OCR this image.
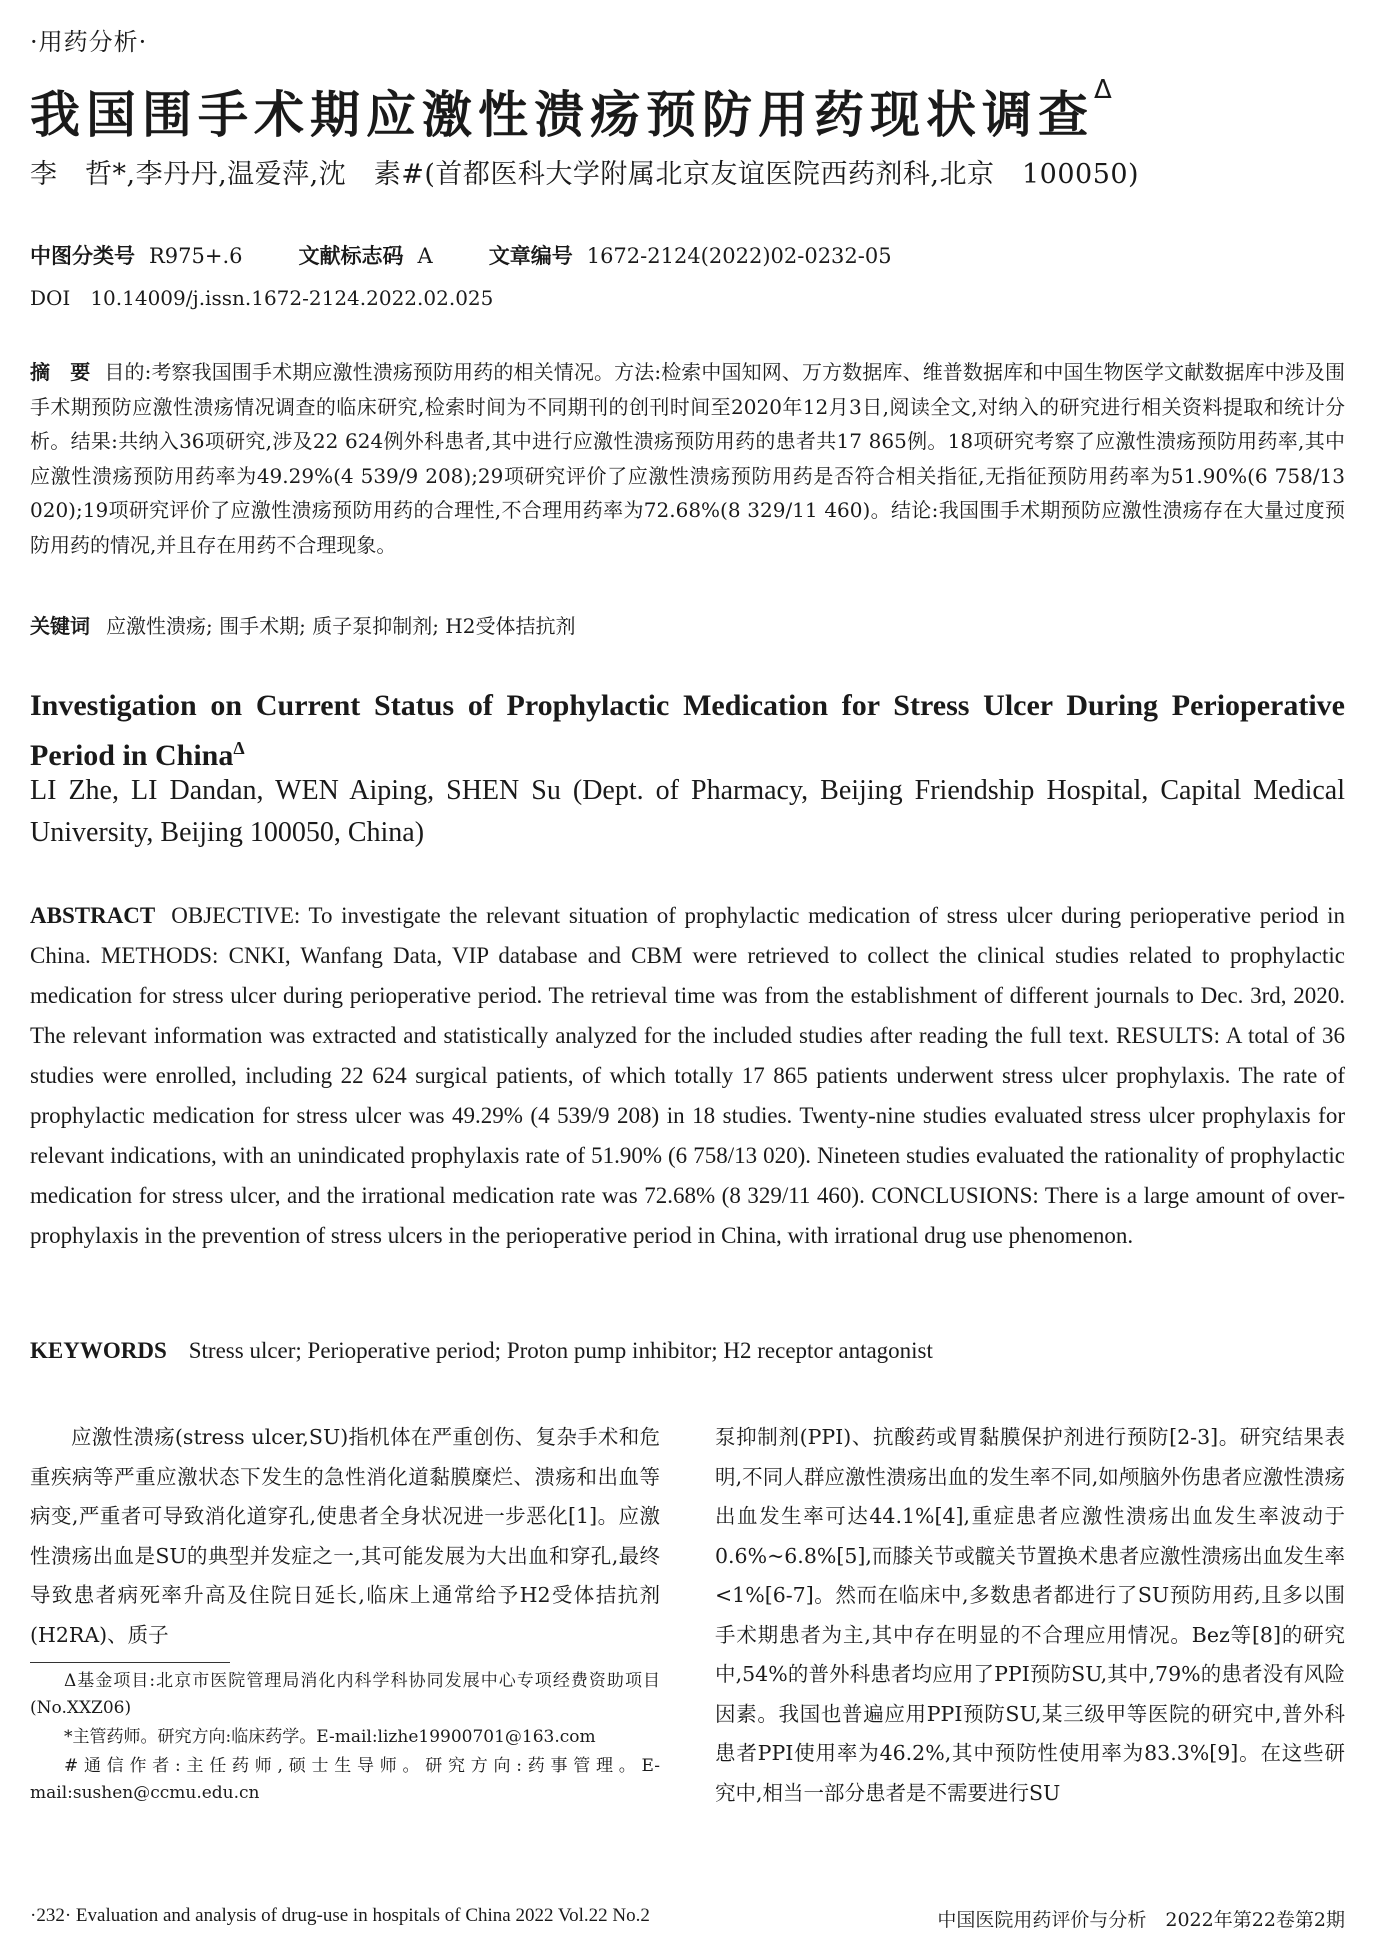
·用药分析·
我国围手术期应激性溃疡预防用药现状调查$^\Delta$
李　哲*,李丹丹,温爱萍,沈　素#(首都医科大学附属北京友谊医院西药剂科,北京　100050)
中图分类号 R975+.6	文献标志码 A	文章编号 1672-2124(2022)02-0232-05
DOI　10.14009/j.issn.1672-2124.2022.02.025
摘　要 目的:考察我国围手术期应激性溃疡预防用药的相关情况。方法:检索中国知网、万方数据库、维普数据库和中国生物医学文献数据库中涉及围手术期预防应激性溃疡情况调查的临床研究,检索时间为不同期刊的创刊时间至2020年12月3日,阅读全文,对纳入的研究进行相关资料提取和统计分析。结果:共纳入36项研究,涉及22 624例外科患者,其中进行应激性溃疡预防用药的患者共17 865例。18项研究考察了应激性溃疡预防用药率,其中应激性溃疡预防用药率为49.29%(4 539/9 208);29项研究评价了应激性溃疡预防用药是否符合相关指征,无指征预防用药率为51.90%(6 758/13 020);19项研究评价了应激性溃疡预防用药的合理性,不合理用药率为72.68%(8 329/11 460)。结论:我国围手术期预防应激性溃疡存在大量过度预防用药的情况,并且存在用药不合理现象。
关键词 应激性溃疡; 围手术期; 质子泵抑制剂; H2受体拮抗剂
Investigation on Current Status of Prophylactic Medication for Stress Ulcer During Perioperative Period in China$^\Delta$
LI Zhe, LI Dandan, WEN Aiping, SHEN Su (Dept. of Pharmacy, Beijing Friendship Hospital, Capital Medical University, Beijing 100050, China)
ABSTRACT OBJECTIVE: To investigate the relevant situation of prophylactic medication of stress ulcer during perioperative period in China. METHODS: CNKI, Wanfang Data, VIP database and CBM were retrieved to collect the clinical studies related to prophylactic medication for stress ulcer during perioperative period. The retrieval time was from the establishment of different journals to Dec. 3rd, 2020. The relevant information was extracted and statistically analyzed for the included studies after reading the full text. RESULTS: A total of 36 studies were enrolled, including 22 624 surgical patients, of which totally 17 865 patients underwent stress ulcer prophylaxis. The rate of prophylactic medication for stress ulcer was 49.29% (4 539/9 208) in 18 studies. Twenty-nine studies evaluated stress ulcer prophylaxis for relevant indications, with an unindicated prophylaxis rate of 51.90% (6 758/13 020). Nineteen studies evaluated the rationality of prophylactic medication for stress ulcer, and the irrational medication rate was 72.68% (8 329/11 460). CONCLUSIONS: There is a large amount of over-prophylaxis in the prevention of stress ulcers in the perioperative period in China, with irrational drug use phenomenon.
KEYWORDS Stress ulcer; Perioperative period; Proton pump inhibitor; H2 receptor antagonist
应激性溃疡(stress ulcer,SU)指机体在严重创伤、复杂手术和危重疾病等严重应激状态下发生的急性消化道黏膜糜烂、溃疡和出血等病变,严重者可导致消化道穿孔,使患者全身状况进一步恶化[1]。应激性溃疡出血是SU的典型并发症之一,其可能发展为大出血和穿孔,最终导致患者病死率升高及住院日延长,临床上通常给予H2受体拮抗剂(H2RA)、质子
泵抑制剂(PPI)、抗酸药或胃黏膜保护剂进行预防[2-3]。研究结果表明,不同人群应激性溃疡出血的发生率不同,如颅脑外伤患者应激性溃疡出血发生率可达44.1%[4],重症患者应激性溃疡出血发生率波动于0.6%~6.8%[5],而膝关节或髋关节置换术患者应激性溃疡出血发生率<1%[6-7]。然而在临床中,多数患者都进行了SU预防用药,且多以围手术期患者为主,其中存在明显的不合理应用情况。Bez等[8]的研究中,54%的普外科患者均应用了PPI预防SU,其中,79%的患者没有风险因素。我国也普遍应用PPI预防SU,某三级甲等医院的研究中,普外科患者PPI使用率为46.2%,其中预防性使用率为83.3%[9]。在这些研究中,相当一部分患者是不需要进行SU

Δ基金项目:北京市医院管理局消化内科学科协同发展中心专项经费资助项目(No.XXZ06)

*主管药师。研究方向:临床药学。E-mail:lizhe19900701@163.com

#通信作者:主任药师,硕士生导师。研究方向:药事管理。E-mail:sushen@ccmu.edu.cn

·232· Evaluation and analysis of drug-use in hospitals of China 2022 Vol.22 No.2	中国医院用药评价与分析　2022年第22卷第2期
